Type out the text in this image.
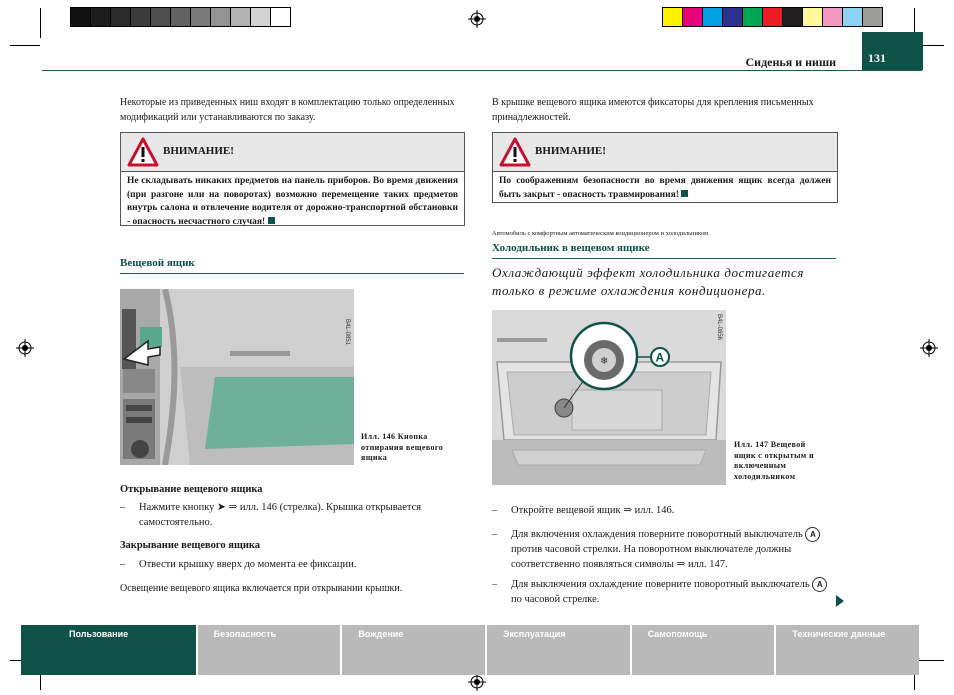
Сиденья и ниши	131

Некоторые из приведенных ниш входят в комплектацию только определенных модификаций или устанавливаются по заказу.

ВНИМАНИЕ!
Не складывать никаких предметов на панель приборов. Во время движения (при разгоне или на поворотах) возможно перемещение таких предметов внутрь салона и отвлечение водителя от дорожно-транспортной обстановки - опасность несчастного случая!
Вещевой ящик
B4L-0851
Илл. 146 Кнопка отпирания вещевого ящика
Открывание вещевого ящика
– Нажмите кнопку ➤ ⇒ илл. 146 (стрелка). Крышка открывается самостоятельно.
Закрывание вещевого ящика
– Отвести крышку вверх до момента ее фиксации.

Освещение вещевого ящика включается при открывании крышки.

В крышке вещевого ящика имеются фиксаторы для крепления письменных принадлежностей.

ВНИМАНИЕ!
По соображениям безопасности во время движения ящик всегда должен быть закрыт - опасность травмирования!
Автомобиль с комфортным автоматическим кондиционером и холодильником
Холодильник в вещевом ящике

Охлаждающий эффект холодильника достигается только в режиме охлаждения кондиционера.

❄	A
B4L-0856
Илл. 147 Вещевой ящик с открытым и включенным холодильником
– Откройте вещевой ящик ⇒ илл. 146.
– Для включения охлаждения поверните поворотный выключатель A против часовой стрелки. На поворотном выключателе должны соответственно появляться символы ⇒ илл. 147.
– Для выключения охлаждение поверните поворотный выключатель A по часовой стрелке.
Пользование	Безопасность	Вождение	Эксплуатация	Самопомощь	Технические данные
